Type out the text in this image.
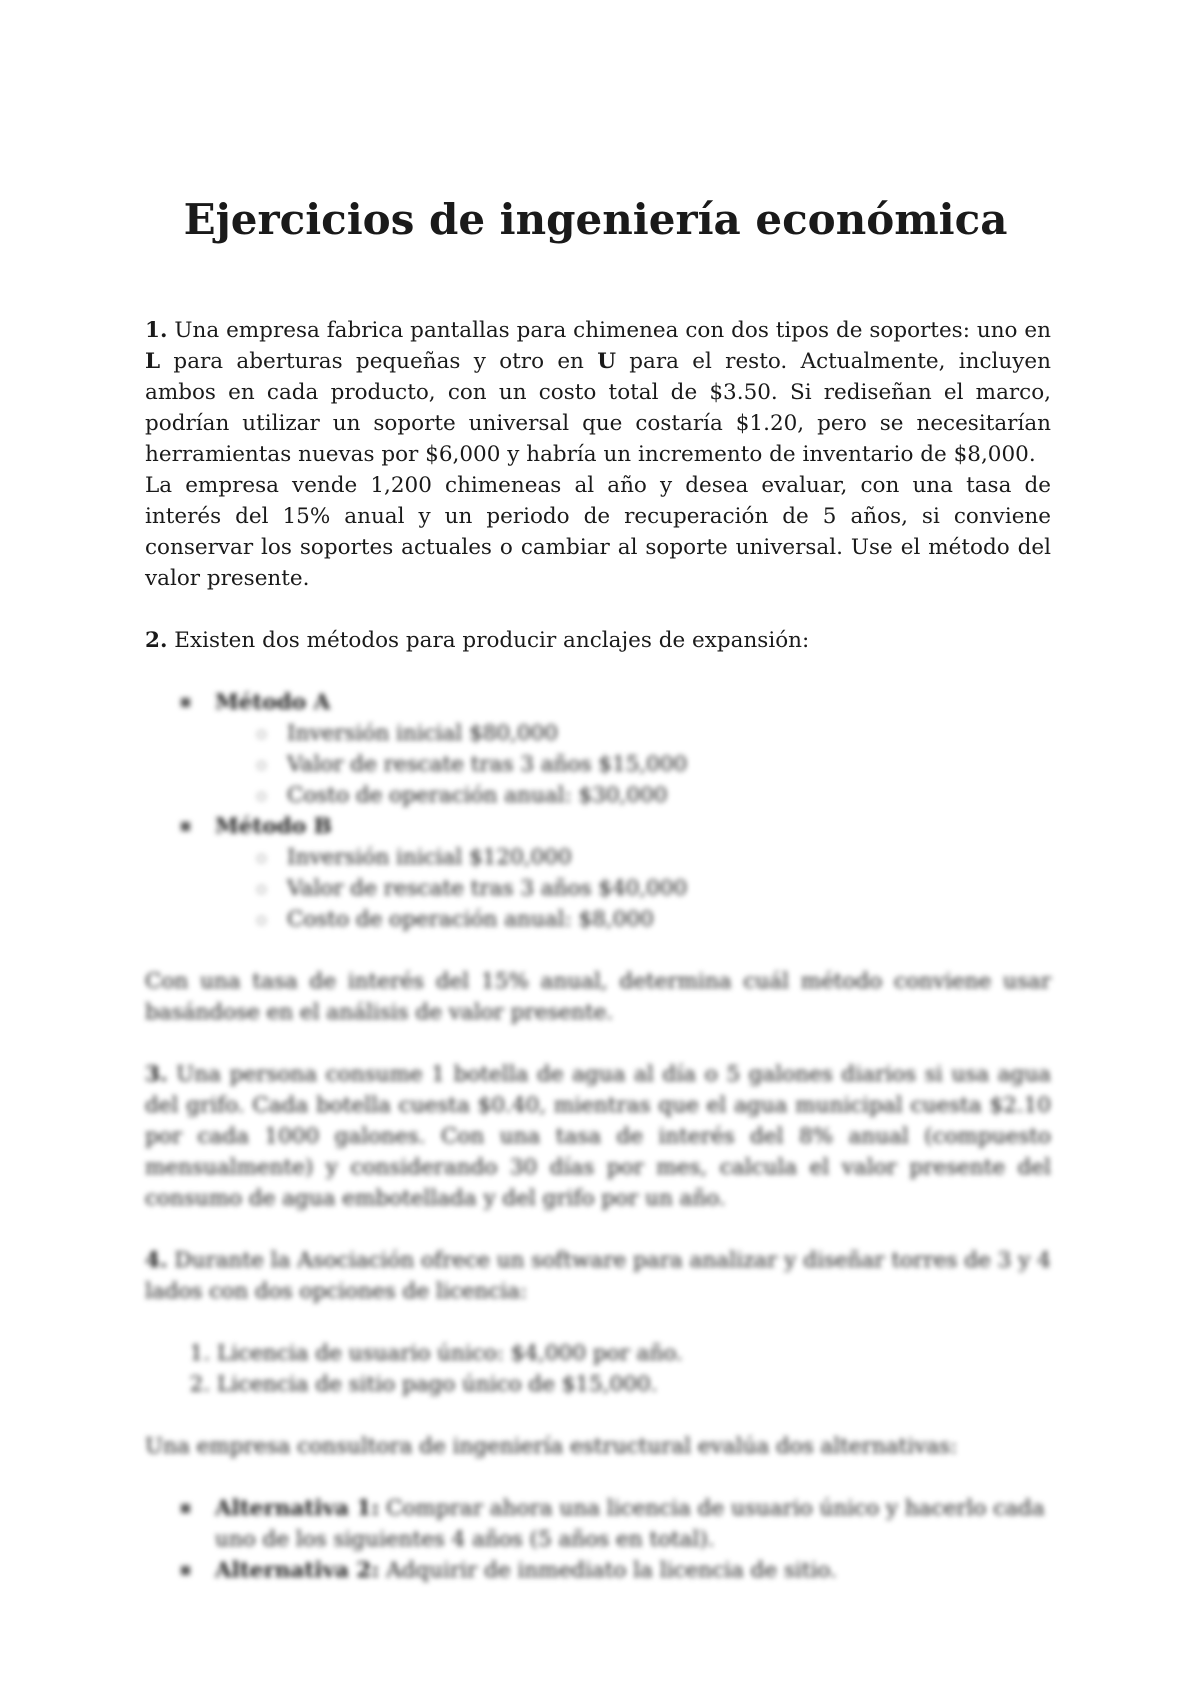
Ejercicios de ingeniería económica

1. Una empresa fabrica pantallas para chimenea con dos tipos de soportes: uno en L para aberturas pequeñas y otro en U para el resto. Actualmente, incluyen ambos en cada producto, con un costo total de $3.50. Si rediseñan el marco, podrían utilizar un soporte universal que costaría $1.20, pero se necesitarían herramientas nuevas por $6,000 y habría un incremento de inventario de $8,000.

La empresa vende 1,200 chimeneas al año y desea evaluar, con una tasa de interés del 15% anual y un periodo de recuperación de 5 años, si conviene conservar los soportes actuales o cambiar al soporte universal. Use el método del valor presente.

2. Existen dos métodos para producir anclajes de expansión:

Método A
Inversión inicial $80,000
Valor de rescate tras 3 años $15,000
Costo de operación anual: $30,000
Método B
Inversión inicial $120,000
Valor de rescate tras 3 años $40,000
Costo de operación anual: $8,000

Con una tasa de interés del 15% anual, determina cuál método conviene usar basándose en el análisis de valor presente.

3. Una persona consume 1 botella de agua al día o 5 galones diarios si usa agua del grifo. Cada botella cuesta $0.40, mientras que el agua municipal cuesta $2.10 por cada 1000 galones. Con una tasa de interés del 8% anual (compuesto mensualmente) y considerando 30 días por mes, calcula el valor presente del consumo de agua embotellada y del grifo por un año.

4. Durante la Asociación ofrece un software para analizar y diseñar torres de 3 y 4 lados con dos opciones de licencia:

1. Licencia de usuario único: $4,000 por año.
2. Licencia de sitio pago único de $15,000.

Una empresa consultora de ingeniería estructural evalúa dos alternativas:

Alternativa 1: Comprar ahora una licencia de usuario único y hacerlo cada uno de los siguientes 4 años (5 años en total).
Alternativa 2: Adquirir de inmediato la licencia de sitio.
